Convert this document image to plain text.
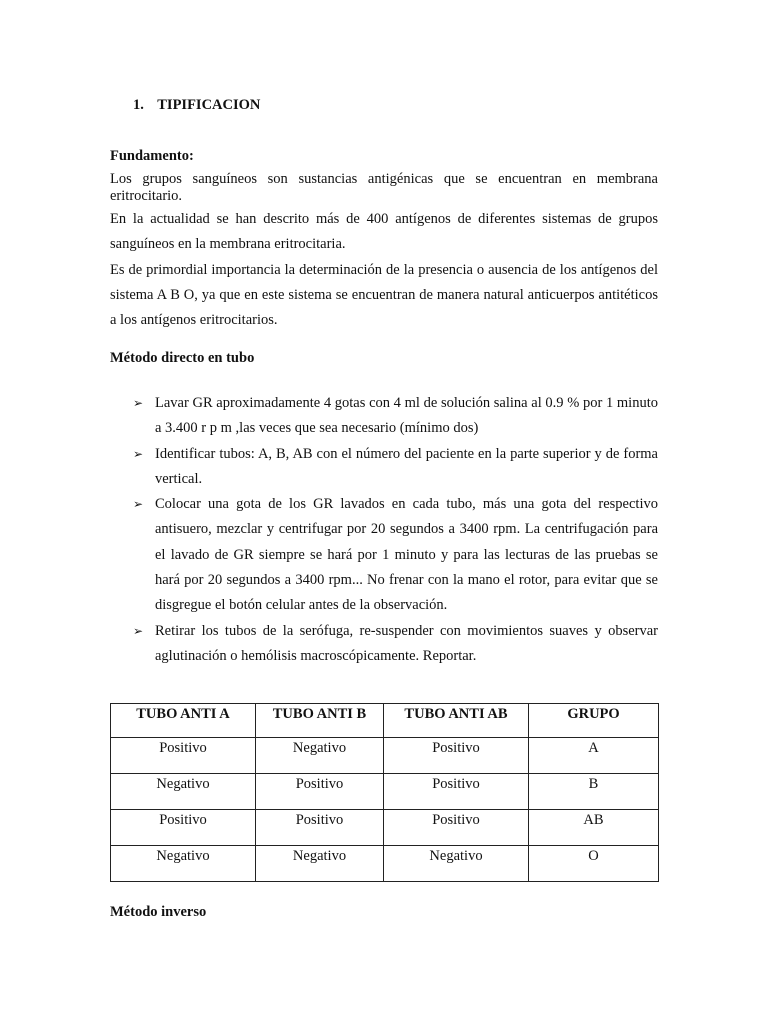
1. TIPIFICACION
Fundamento:

Los grupos sanguíneos son sustancias antigénicas que se encuentran en membrana eritrocitario.

En la actualidad se han descrito más de 400 antígenos de diferentes sistemas de grupos sanguíneos en la membrana eritrocitaria.

Es de primordial importancia la determinación de la presencia o ausencia de los antígenos del sistema A B O, ya que en este sistema se encuentran de manera natural anticuerpos antitéticos a los antígenos eritrocitarios.

Método directo en tubo
➢ Lavar GR aproximadamente 4 gotas con 4 ml de solución salina al 0.9 % por 1 minuto a 3.400 r p m ,las veces que sea necesario (mínimo dos)
➢ Identificar tubos: A, B, AB con el número del paciente en la parte superior y de forma vertical.
➢ Colocar una gota de los GR lavados en cada tubo, más una gota del respectivo antisuero, mezclar y centrifugar por 20 segundos a 3400 rpm. La centrifugación para el lavado de GR siempre se hará por 1 minuto y para las lecturas de las pruebas se hará por 20 segundos a 3400 rpm... No frenar con la mano el rotor, para evitar que se disgregue el botón celular antes de la observación.
➢ Retirar los tubos de la serófuga, re-suspender con movimientos suaves y observar aglutinación o hemólisis macroscópicamente. Reportar.
TUBO ANTI A	TUBO ANTI B	TUBO ANTI AB	GRUPO
Positivo	Negativo	Positivo	A
Negativo	Positivo	Positivo	B
Positivo	Positivo	Positivo	AB
Negativo	Negativo	Negativo	O
Método inverso
